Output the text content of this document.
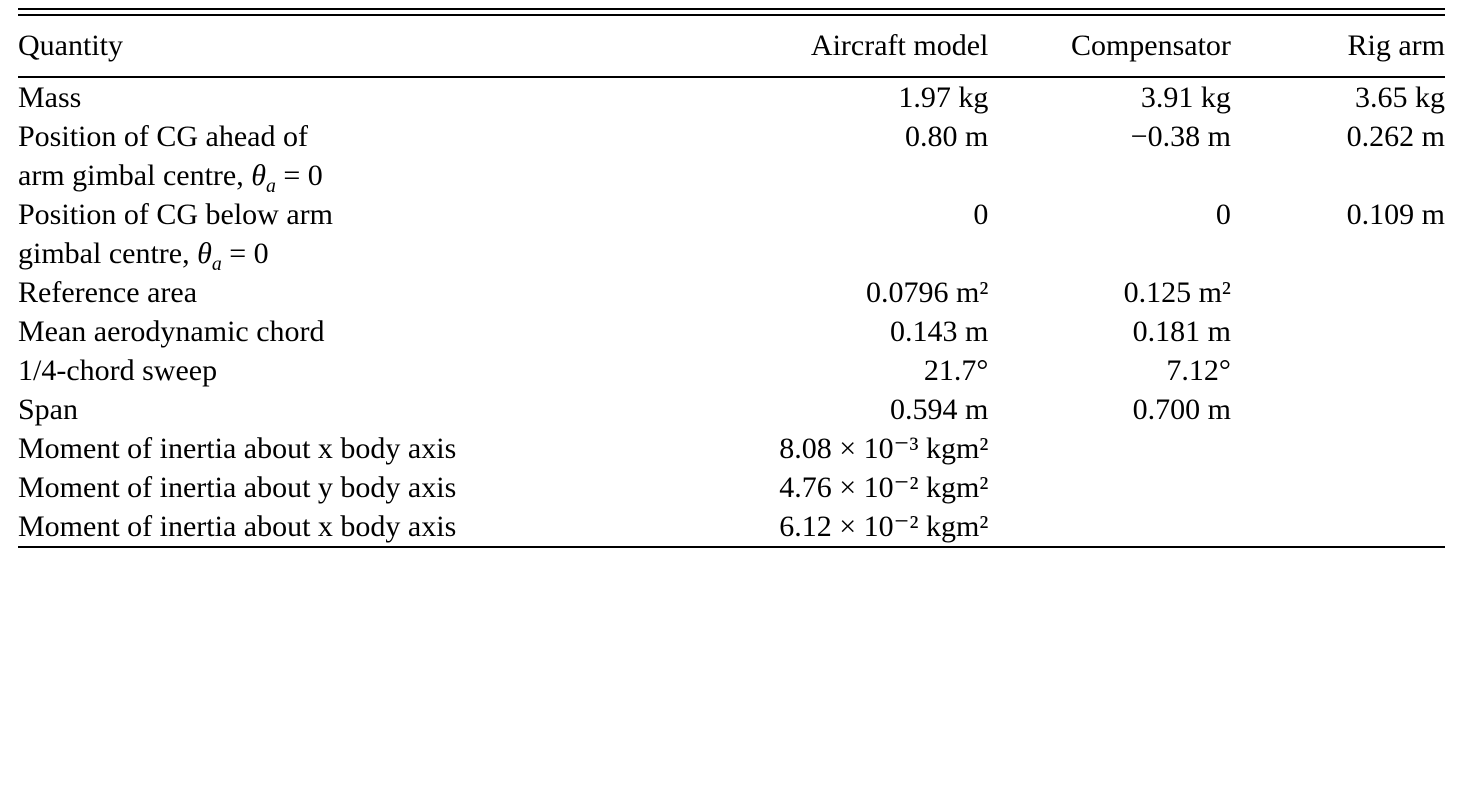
Quantity	Aircraft model	Compensator	Rig arm

Mass	1.97 kg	3.91 kg	3.65 kg
Position of CG ahead of	0.80 m	−0.38 m	0.262 m
arm gimbal centre, $\theta_a = 0$			
Position of CG below arm	0	0	0.109 m
gimbal centre, $\theta_a = 0$			
Reference area	0.0796 m²	0.125 m²	
Mean aerodynamic chord	0.143 m	0.181 m	
1/4-chord sweep	21.7°	7.12°	
Span	0.594 m	0.700 m	
Moment of inertia about x body axis	8.08 × 10⁻³ kgm²		
Moment of inertia about y body axis	4.76 × 10⁻² kgm²		
Moment of inertia about x body axis	6.12 × 10⁻² kgm²		
